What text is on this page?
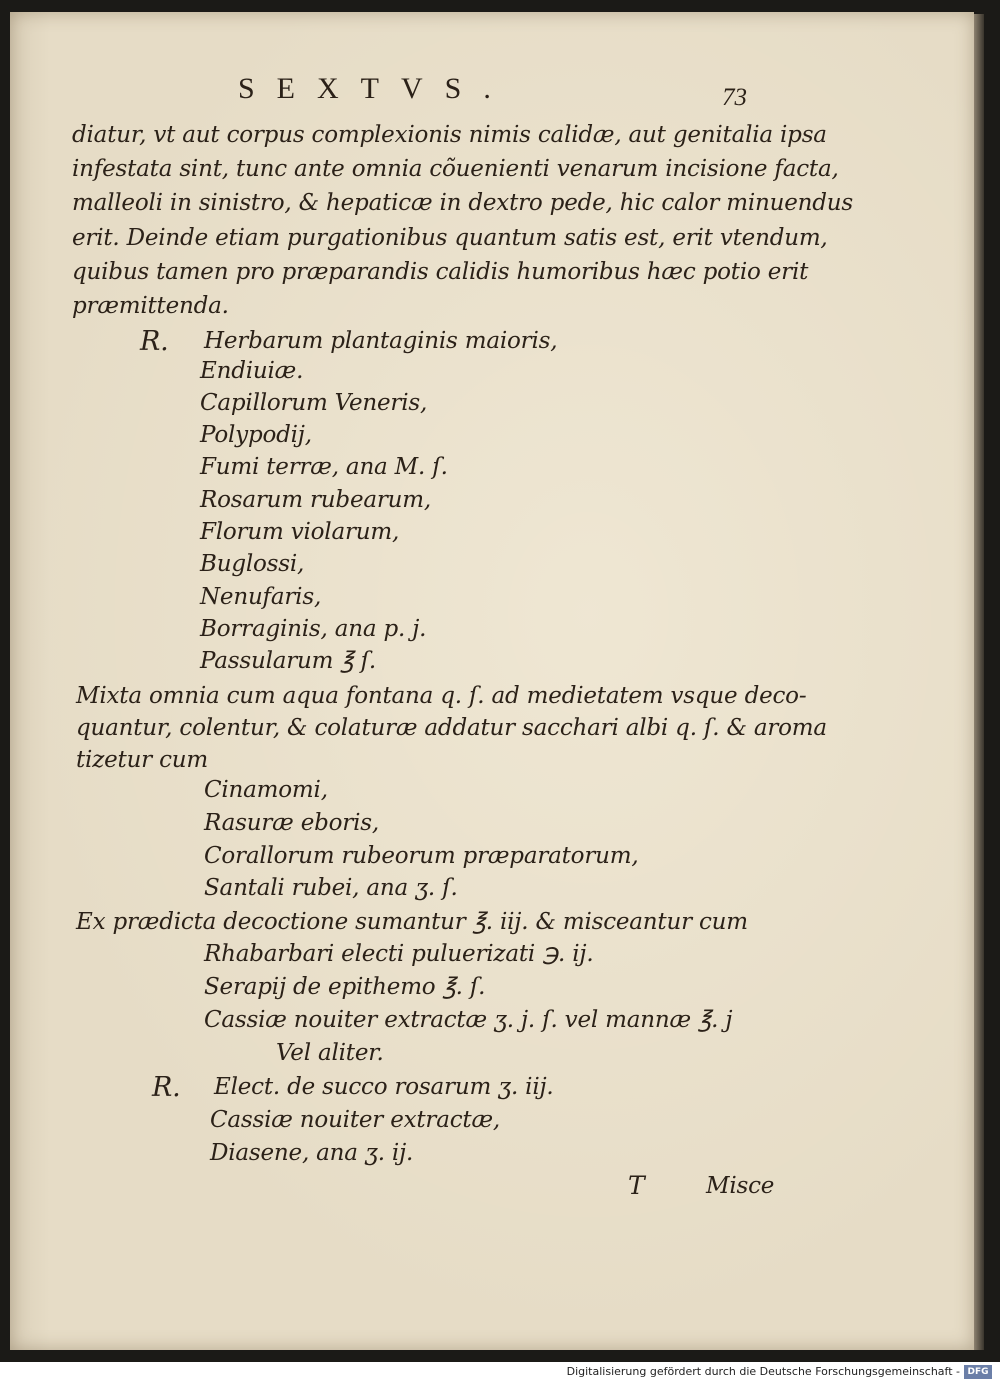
SEXTVS.	73
diatur, vt aut corpus complexionis nimis calidæ, aut genitalia ipsa
infestata sint, tunc ante omnia cõuenienti venarum incisione facta,
malleoli in sinistro, & hepaticæ in dextro pede, hic calor minuendus
erit. Deinde etiam purgationibus quantum satis est, erit vtendum,
quibus tamen pro præparandis calidis humoribus hæc potio erit
præmittenda.
R. Herbarum plantaginis maioris,
Endiuiæ.
Capillorum Veneris,
Polypodij,
Fumi terræ, ana M. ſ.
Rosarum rubearum,
Florum violarum,
Buglossi,
Nenufaris,
Borraginis, ana p. j.
Passularum ℥ ſ.
Mixta omnia cum aqua fontana q. ſ. ad medietatem vsque deco-
quantur, colentur, & colaturæ addatur sacchari albi q. ſ. & aroma
tizetur cum
Cinamomi,
Rasuræ eboris,
Corallorum rubeorum præparatorum,
Santali rubei, ana ʒ. ſ.
Ex prædicta decoctione sumantur ℥. iij. & misceantur cum
Rhabarbari electi puluerizati ℈. ij.
Serapij de epithemo ℥. ſ.
Cassiæ nouiter extractæ ʒ. j. ſ. vel mannæ ℥. j
Vel aliter.
R. Elect. de succo rosarum ʒ. iij.
Cassiæ nouiter extractæ,
Diasene, ana ʒ. ij.
T	Misce
Digitalisierung gefördert durch die Deutsche Forschungsgemeinschaft - DFG
